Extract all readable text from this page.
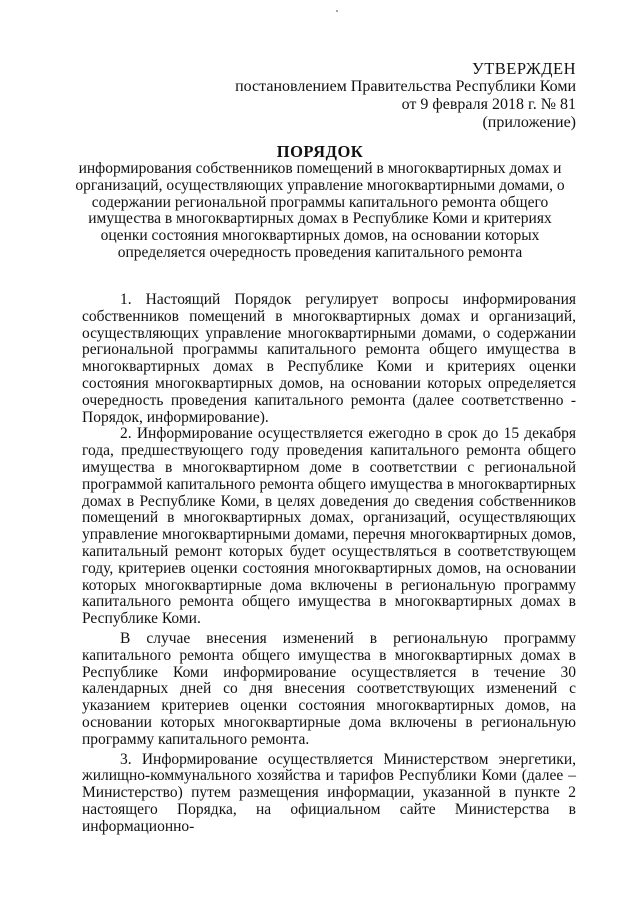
УТВЕРЖДЕН
постановлением Правительства Республики Коми
от 9 февраля 2018 г. № 81
(приложение)
ПОРЯДОК
информирования собственников помещений в многоквартирных домах и организаций, осуществляющих управление многоквартирными домами, о содержании региональной программы капитального ремонта общего имущества в многоквартирных домах в Республике Коми и критериях оценки состояния многоквартирных домов, на основании которых определяется очередность проведения капитального ремонта

1. Настоящий Порядок регулирует вопросы информирования собственников помещений в многоквартирных домах и организаций, осуществляющих управление многоквартирными домами, о содержании региональной программы капитального ремонта общего имущества в многоквартирных домах в Республике Коми и критериях оценки состояния многоквартирных домов, на основании которых определяется очередность проведения капитального ремонта (далее соответственно - Порядок, информирование).

2. Информирование осуществляется ежегодно в срок до 15 декабря года, предшествующего году проведения капитального ремонта общего имущества в многоквартирном доме в соответствии с региональной программой капитального ремонта общего имущества в многоквартирных домах в Республике Коми, в целях доведения до сведения собственников помещений в многоквартирных домах, организаций, осуществляющих управление многоквартирными домами, перечня многоквартирных домов, капитальный ремонт которых будет осуществляться в соответствующем году, критериев оценки состояния многоквартирных домов, на основании которых многоквартирные дома включены в региональную программу капитального ремонта общего имущества в многоквартирных домах в Республике Коми.

В случае внесения изменений в региональную программу капитального ремонта общего имущества в многоквартирных домах в Республике Коми информирование осуществляется в течение 30 календарных дней со дня внесения соответствующих изменений с указанием критериев оценки состояния многоквартирных домов, на основании которых многоквартирные дома включены в региональную программу капитального ремонта.

3. Информирование осуществляется Министерством энергетики, жилищно-коммунального хозяйства и тарифов Республики Коми (далее – Министерство) путем размещения информации, указанной в пункте 2 настоящего Порядка, на официальном сайте Министерства в информационно-
